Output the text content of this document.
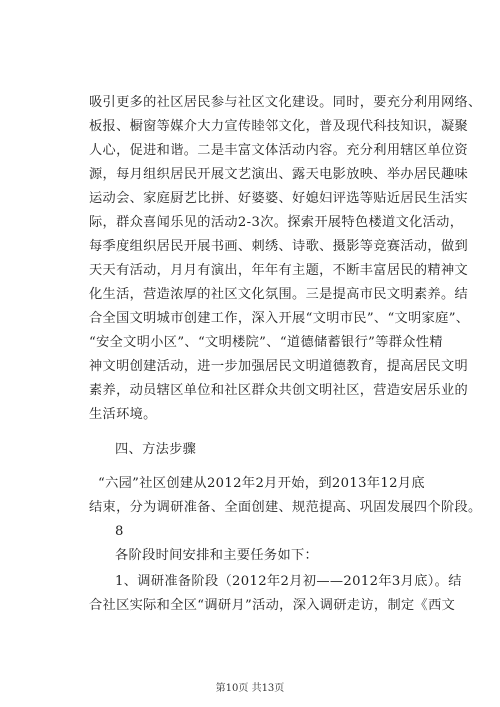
吸引更多的社区居民参与社区文化建设。同时，要充分利用网络、
板报、橱窗等媒介大力宣传睦邻文化，普及现代科技知识，凝聚
人心，促进和谐。二是丰富文体活动内容。充分利用辖区单位资
源，每月组织居民开展文艺演出、露天电影放映、举办居民趣味
运动会、家庭厨艺比拼、好婆婆、好媳妇评选等贴近居民生活实
际，群众喜闻乐见的活动2-3次。探索开展特色楼道文化活动，
每季度组织居民开展书画、刺绣、诗歌、摄影等竞赛活动，做到
天天有活动，月月有演出，年年有主题，不断丰富居民的精神文
化生活，营造浓厚的社区文化氛围。三是提高市民文明素养。结
合全国文明城市创建工作，深入开展“文明市民”、“文明家庭”、
“安全文明小区”、“文明楼院”、“道德储蓄银行”等群众性精
神文明创建活动，进一步加强居民文明道德教育，提高居民文明
素养，动员辖区单位和社区群众共创文明社区，营造安居乐业的
生活环境。
四、方法步骤
“六园”社区创建从2012年2月开始，到2013年12月底
结束，分为调研准备、全面创建、规范提高、巩固发展四个阶段。
8
各阶段时间安排和主要任务如下：
1、调研准备阶段（2012年2月初——2012年3月底）。结
合社区实际和全区“调研月”活动，深入调研走访，制定《西文
第10页 共13页
